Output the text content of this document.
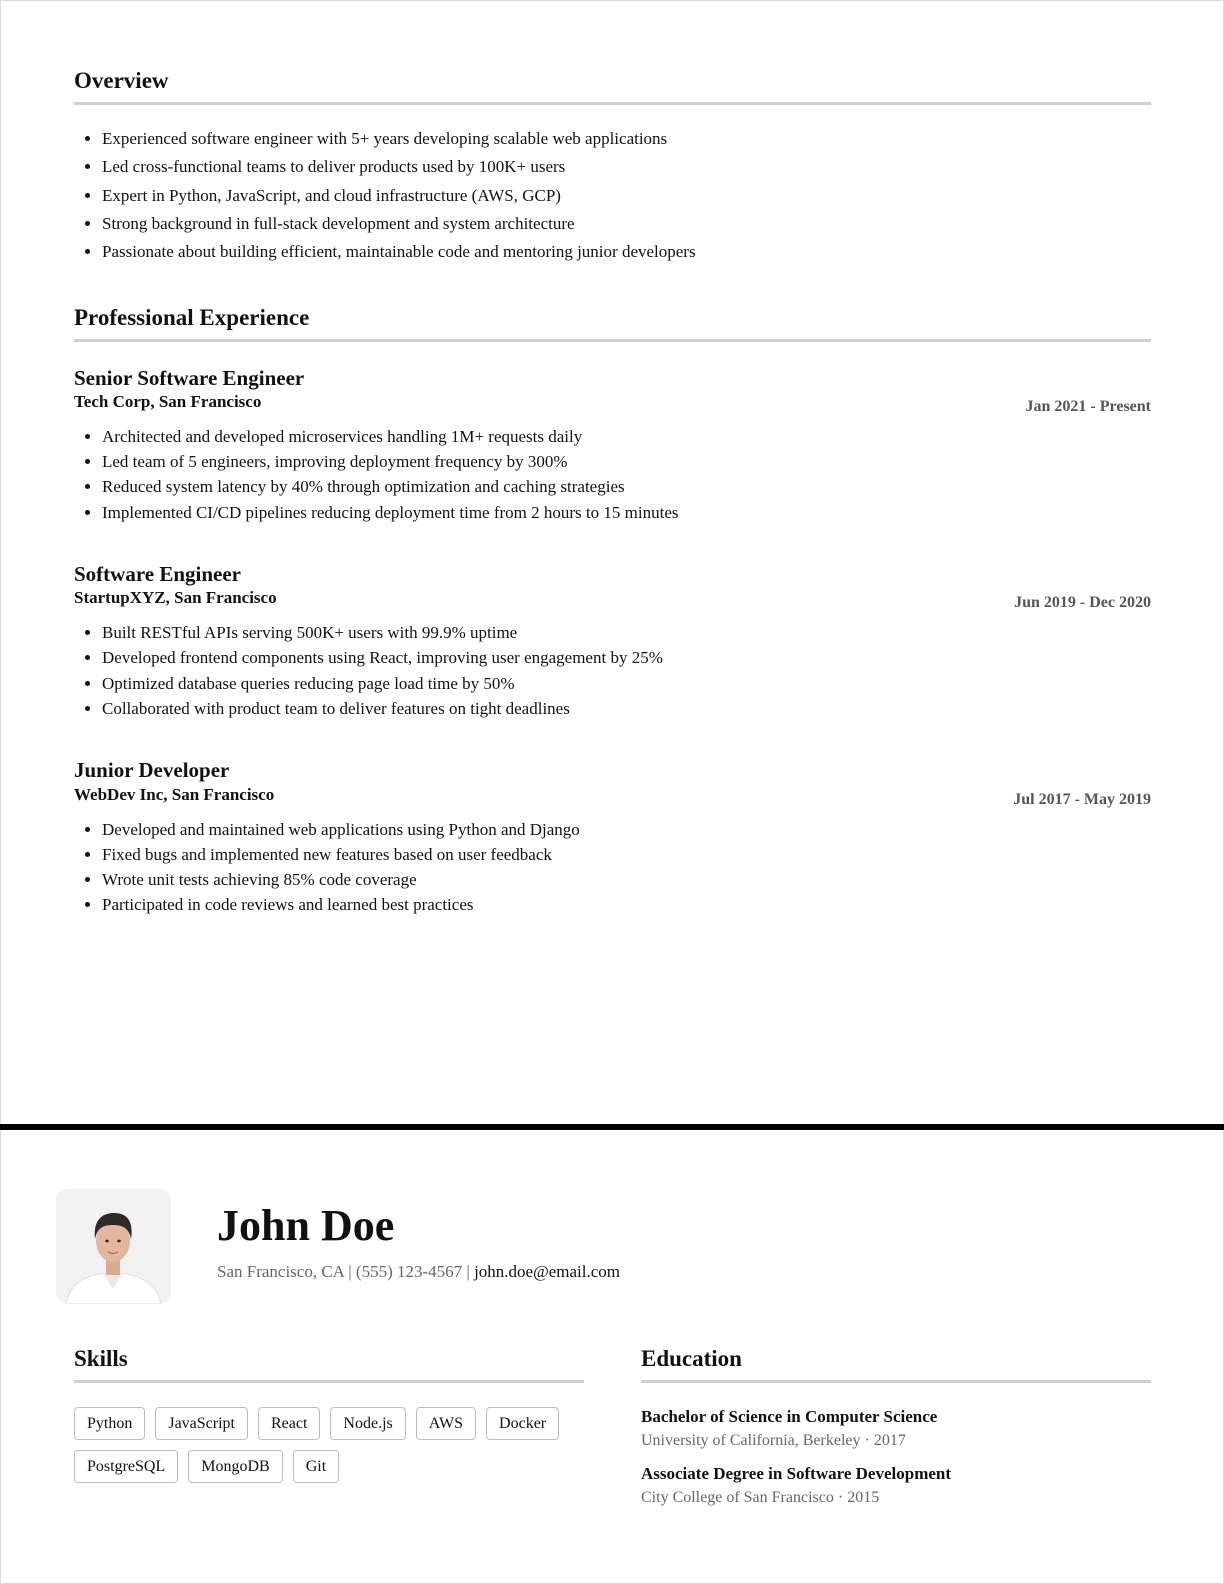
Overview
• Experienced software engineer with 5+ years developing scalable web applications
• Led cross-functional teams to deliver products used by 100K+ users
• Expert in Python, JavaScript, and cloud infrastructure (AWS, GCP)
• Strong background in full-stack development and system architecture
• Passionate about building efficient, maintainable code and mentoring junior developers
Professional Experience
Senior Software Engineer
Tech Corp, San Francisco	Jan 2021 - Present
• Architected and developed microservices handling 1M+ requests daily
• Led team of 5 engineers, improving deployment frequency by 300%
• Reduced system latency by 40% through optimization and caching strategies
• Implemented CI/CD pipelines reducing deployment time from 2 hours to 15 minutes
Software Engineer
StartupXYZ, San Francisco	Jun 2019 - Dec 2020
• Built RESTful APIs serving 500K+ users with 99.9% uptime
• Developed frontend components using React, improving user engagement by 25%
• Optimized database queries reducing page load time by 50%
• Collaborated with product team to deliver features on tight deadlines
Junior Developer
WebDev Inc, San Francisco	Jul 2017 - May 2019
• Developed and maintained web applications using Python and Django
• Fixed bugs and implemented new features based on user feedback
• Wrote unit tests achieving 85% code coverage
• Participated in code reviews and learned best practices
John Doe
San Francisco, CA | (555) 123-4567 | john.doe@email.com
Skills
Python	JavaScript	React	Node.js	AWS	Docker
PostgreSQL	MongoDB	Git
Education
Bachelor of Science in Computer Science
University of California, Berkeley · 2017
Associate Degree in Software Development
City College of San Francisco · 2015
